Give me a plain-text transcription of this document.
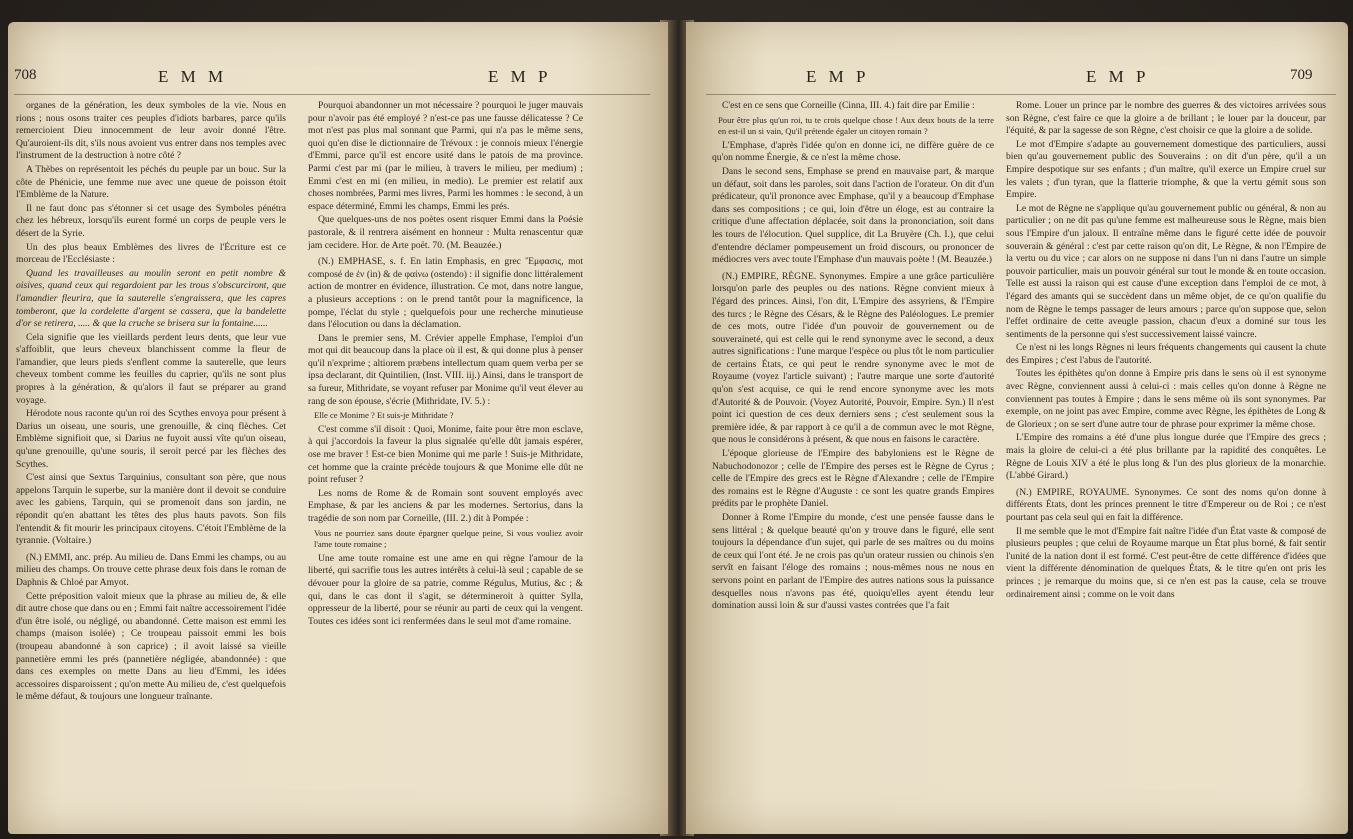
708	E M M	E M P

organes de la génération, les deux symboles de la vie. Nous en rions ; nous osons traiter ces peuples d'idiots barbares, parce qu'ils remercioient Dieu innocemment de leur avoir donné l'être. Qu'auroient-ils dit, s'ils nous avoient vus entrer dans nos temples avec l'instrument de la destruction à notre côté ?

A Thèbes on représentoit les péchés du peuple par un bouc. Sur la côte de Phénicie, une femme nue avec une queue de poisson étoit l'Emblème de la Nature.

Il ne faut donc pas s'étonner si cet usage des Symboles pénétra chez les hébreux, lorsqu'ils eurent formé un corps de peuple vers le désert de la Syrie.

Un des plus beaux Emblèmes des livres de l'Écriture est ce morceau de l'Ecclésiaste :

Quand les travailleuses au moulin seront en petit nombre & oisives, quand ceux qui regardoient par les trous s'obscurciront, que l'amandier fleurira, que la sauterelle s'engraissera, que les capres tomberont, que la cordelette d'argent se cassera, que la bandelette d'or se retirera, ..... & que la cruche se brisera sur la fontaine......

Cela signifie que les vieillards perdent leurs dents, que leur vue s'affoiblit, que leurs cheveux blanchissent comme la fleur de l'amandier, que leurs pieds s'enflent comme la sauterelle, que leurs cheveux tombent comme les feuilles du caprier, qu'ils ne sont plus propres à la génération, & qu'alors il faut se préparer au grand voyage.

Hérodote nous raconte qu'un roi des Scythes envoya pour présent à Darius un oiseau, une souris, une grenouille, & cinq flèches. Cet Emblème signifioit que, si Darius ne fuyoit aussi vîte qu'un oiseau, qu'une grenouille, qu'une souris, il seroit percé par les flèches des Scythes.

C'est ainsi que Sextus Tarquinius, consultant son père, que nous appelons Tarquin le superbe, sur la manière dont il devoit se conduire avec les gabiens, Tarquin, qui se promenoit dans son jardin, ne répondit qu'en abattant les têtes des plus hauts pavots. Son fils l'entendit & fit mourir les principaux citoyens. C'étoit l'Emblème de la tyrannie. (Voltaire.)

(N.) EMMI, anc. prép. Au milieu de. Dans Emmi les champs, ou au milieu des champs. On trouve cette phrase deux fois dans le roman de Daphnis & Chloé par Amyot.

Cette préposition valoit mieux que la phrase au milieu de, & elle dit autre chose que dans ou en ; Emmi fait naître accessoirement l'idée d'un être isolé, ou négligé, ou abandonné. Cette maison est emmi les champs (maison isolée) ; Ce troupeau paissoit emmi les bois (troupeau abandonné à son caprice) ; il avoit laissé sa vieille pannetière emmi les prés (pannetière négligée, abandonnée) : que dans ces exemples on mette Dans au lieu d'Emmi, les idées accessoires disparoissent ; qu'on mette Au milieu de, c'est quelquefois le même défaut, & toujours une longueur traînante.

Pourquoi abandonner un mot nécessaire ? pourquoi le juger mauvais pour n'avoir pas été employé ? n'est-ce pas une fausse délicatesse ? Ce mot n'est pas plus mal sonnant que Parmi, qui n'a pas le même sens, quoi qu'en dise le dictionnaire de Trévoux : je connois mieux l'énergie d'Emmi, parce qu'il est encore usité dans le patois de ma province. Parmi c'est par mi (par le milieu, à travers le milieu, per medium) ; Emmi c'est en mi (en milieu, in medio). Le premier est relatif aux choses nombrées, Parmi mes livres, Parmi les hommes : le second, à un espace déterminé, Emmi les champs, Emmi les prés.

Que quelques-uns de nos poètes osent risquer Emmi dans la Poésie pastorale, & il rentrera aisément en honneur : Multa renascentur quæ jam cecidere. Hor. de Arte poët. 70. (M. Beauzée.)

(N.) EMPHASE, s. f. En latin Emphasis, en grec Ἔμφασις, mot composé de ἐν (in) & de φαίνω (ostendo) : il signifie donc littéralement action de montrer en évidence, illustration. Ce mot, dans notre langue, a plusieurs acceptions : on le prend tantôt pour la magnificence, la pompe, l'éclat du style ; quelquefois pour une recherche minutieuse dans l'élocution ou dans la déclamation.

Dans le premier sens, M. Crévier appelle Emphase, l'emploi d'un mot qui dit beaucoup dans la place où il est, & qui donne plus à penser qu'il n'exprime ; altiorem præbens intellectum quam quem verba per se ipsa declarant, dit Quintilien, (Inst. VIII. iij.) Ainsi, dans le transport de sa fureur, Mithridate, se voyant refuser par Monime qu'il veut élever au rang de son épouse, s'écrie (Mithridate, IV. 5.) :

Elle ce Monime ? Et suis-je Mithridate ?

C'est comme s'il disoit : Quoi, Monime, faite pour être mon esclave, à qui j'accordois la faveur la plus signalée qu'elle dût jamais espérer, ose me braver ! Est-ce bien Monime qui me parle ! Suis-je Mithridate, cet homme que la crainte précède toujours & que Monime elle dût ne point refuser ?

Les noms de Rome & de Romain sont souvent employés avec Emphase, & par les anciens & par les modernes. Sertorius, dans la tragédie de son nom par Corneille, (III. 2.) dit à Pompée :

Vous ne pourriez sans doute épargner quelque peine, Si vous vouliez avoir l'ame toute romaine ;

Une ame toute romaine est une ame en qui règne l'amour de la liberté, qui sacrifie tous les autres intérêts à celui-là seul ; capable de se dévouer pour la gloire de sa patrie, comme Régulus, Mutius, &c ; & qui, dans le cas dont il s'agit, se détermineroit à quitter Sylla, oppresseur de la liberté, pour se réunir au parti de ceux qui la vengent. Toutes ces idées sont ici renfermées dans le seul mot d'ame romaine.

E M P	E M P	709

C'est en ce sens que Corneille (Cinna, III. 4.) fait dire par Emilie :

Pour être plus qu'un roi, tu te crois quelque chose ! Aux deux bouts de la terre en est-il un si vain, Qu'il prétende égaler un citoyen romain ?

L'Emphase, d'après l'idée qu'on en donne ici, ne diffère guère de ce qu'on nomme Énergie, & ce n'est la même chose.

Dans le second sens, Emphase se prend en mauvaise part, & marque un défaut, soit dans les paroles, soit dans l'action de l'orateur. On dit d'un prédicateur, qu'il prononce avec Emphase, qu'il y a beaucoup d'Emphase dans ses compositions ; ce qui, loin d'être un éloge, est au contraire la critique d'une affectation déplacée, soit dans la prononciation, soit dans les tours de l'élocution. Quel supplice, dit La Bruyère (Ch. I.), que celui d'entendre déclamer pompeusement un froid discours, ou prononcer de médiocres vers avec toute l'Emphase d'un mauvais poète ! (M. Beauzée.)

(N.) EMPIRE, RÈGNE. Synonymes. Empire a une grâce particulière lorsqu'on parle des peuples ou des nations. Règne convient mieux à l'égard des princes. Ainsi, l'on dit, L'Empire des assyriens, & l'Empire des turcs ; le Règne des Césars, & le Règne des Paléologues. Le premier de ces mots, outre l'idée d'un pouvoir de gouvernement ou de souveraineté, qui est celle qui le rend synonyme avec le second, a deux autres significations : l'une marque l'espèce ou plus tôt le nom particulier de certains États, ce qui peut le rendre synonyme avec le mot de Royaume (voyez l'article suivant) ; l'autre marque une sorte d'autorité qu'on s'est acquise, ce qui le rend encore synonyme avec les mots d'Autorité & de Pouvoir. (Voyez Autorité, Pouvoir, Empire. Syn.) Il n'est point ici question de ces deux derniers sens ; c'est seulement sous la première idée, & par rapport à ce qu'il a de commun avec le mot Règne, que nous le considérons à présent, & que nous en faisons le caractère.

L'époque glorieuse de l'Empire des babyloniens est le Règne de Nabuchodonozor ; celle de l'Empire des perses est le Règne de Cyrus ; celle de l'Empire des grecs est le Règne d'Alexandre ; celle de l'Empire des romains est le Règne d'Auguste : ce sont les quatre grands Empires prédits par le prophète Daniel.

Donner à Rome l'Empire du monde, c'est une pensée fausse dans le sens littéral ; & quelque beauté qu'on y trouve dans le figuré, elle sent toujours la dépendance d'un sujet, qui parle de ses maîtres ou du moins de ceux qui l'ont été. Je ne crois pas qu'un orateur russien ou chinois s'en servît en faisant l'éloge des romains ; nous-mêmes nous ne nous en servons point en parlant de l'Empire des autres nations sous la puissance desquelles nous n'avons pas été, quoiqu'elles ayent étendu leur domination aussi loin & sur d'aussi vastes contrées que l'a fait

Rome. Louer un prince par le nombre des guerres & des victoires arrivées sous son Règne, c'est faire ce que la gloire a de brillant ; le louer par la douceur, par l'équité, & par la sagesse de son Règne, c'est choisir ce que la gloire a de solide.

Le mot d'Empire s'adapte au gouvernement domestique des particuliers, aussi bien qu'au gouvernement public des Souverains : on dit d'un père, qu'il a un Empire despotique sur ses enfants ; d'un maître, qu'il exerce un Empire cruel sur les valets ; d'un tyran, que la flatterie triomphe, & que la vertu gémit sous son Empire.

Le mot de Règne ne s'applique qu'au gouvernement public ou général, & non au particulier ; on ne dit pas qu'une femme est malheureuse sous le Règne, mais bien sous l'Empire d'un jaloux. Il entraîne même dans le figuré cette idée de pouvoir souverain & général : c'est par cette raison qu'on dit, Le Règne, & non l'Empire de la vertu ou du vice ; car alors on ne suppose ni dans l'un ni dans l'autre un simple pouvoir particulier, mais un pouvoir général sur tout le monde & en toute occasion. Telle est aussi la raison qui est cause d'une exception dans l'emploi de ce mot, à l'égard des amants qui se succèdent dans un même objet, de ce qu'on qualifie du nom de Règne le temps passager de leurs amours ; parce qu'on suppose que, selon l'effet ordinaire de cette aveugle passion, chacun d'eux a dominé sur tous les sentiments de la personne qui s'est successivement laissé vaincre.

Ce n'est ni les longs Règnes ni leurs fréquents changements qui causent la chute des Empires ; c'est l'abus de l'autorité.

Toutes les épithètes qu'on donne à Empire pris dans le sens où il est synonyme avec Règne, conviennent aussi à celui-ci : mais celles qu'on donne à Règne ne conviennent pas toutes à Empire ; dans le sens même où ils sont synonymes. Par exemple, on ne joint pas avec Empire, comme avec Règne, les épithètes de Long & de Glorieux ; on se sert d'une autre tour de phrase pour exprimer la même chose.

L'Empire des romains a été d'une plus longue durée que l'Empire des grecs ; mais la gloire de celui-ci a été plus brillante par la rapidité des conquêtes. Le Règne de Louis XIV a été le plus long & l'un des plus glorieux de la monarchie. (L'abbé Girard.)

(N.) EMPIRE, ROYAUME. Synonymes. Ce sont des noms qu'on donne à différents États, dont les princes prennent le titre d'Empereur ou de Roi ; ce n'est pourtant pas cela seul qui en fait la différence.

Il me semble que le mot d'Empire fait naître l'idée d'un État vaste & composé de plusieurs peuples ; que celui de Royaume marque un État plus borné, & fait sentir l'unité de la nation dont il est formé. C'est peut-être de cette différence d'idées que vient la différente dénomination de quelques États, & le titre qu'en ont pris les princes ; je remarque du moins que, si ce n'en est pas la cause, cela se trouve ordinairement ainsi ; comme on le voit dans
